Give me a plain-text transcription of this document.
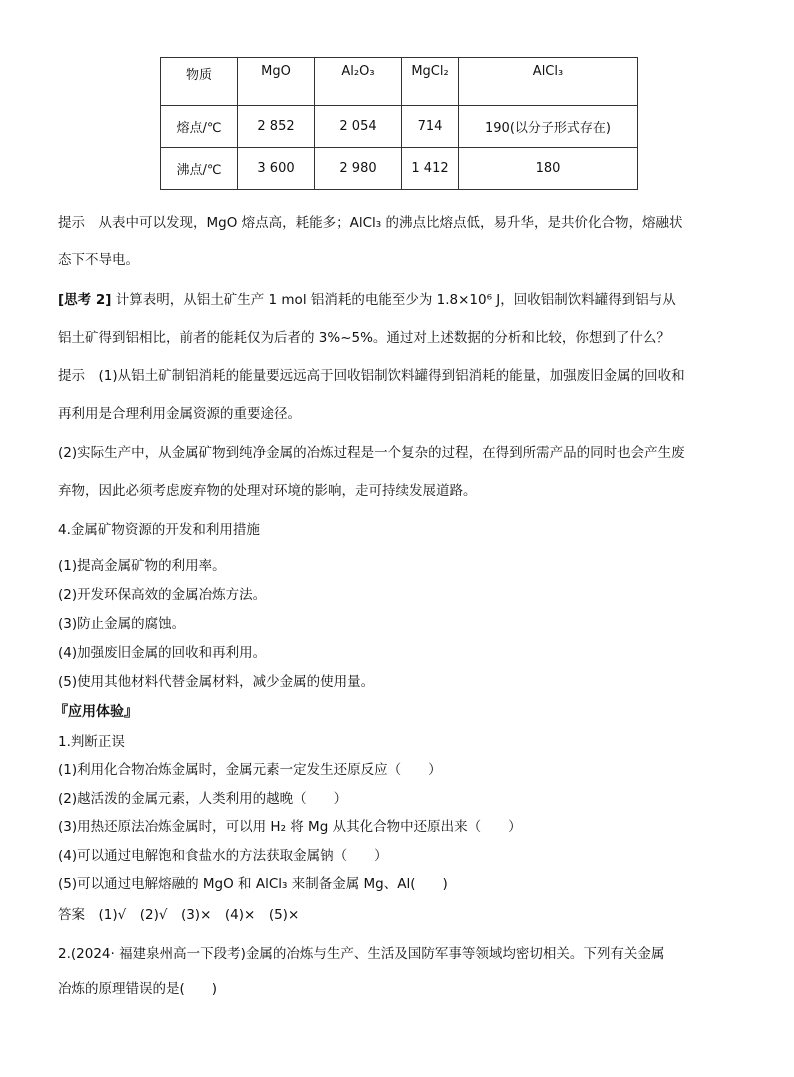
物质	MgO	Al₂O₃	MgCl₂	AlCl₃
熔点/℃	2 852	2 054	714	190(以分子形式存在)
沸点/℃	3 600	2 980	1 412	180
提示　从表中可以发现，MgO 熔点高，耗能多；AlCl₃ 的沸点比熔点低，易升华，是共价化合物，熔融状
态下不导电。
[思考 2] 计算表明，从铝土矿生产 1 mol 铝消耗的电能至少为 1.8×10⁶ J，回收铝制饮料罐得到铝与从
铝土矿得到铝相比，前者的能耗仅为后者的 3%~5%。通过对上述数据的分析和比较，你想到了什么？
提示　(1)从铝土矿制铝消耗的能量要远远高于回收铝制饮料罐得到铝消耗的能量，加强废旧金属的回收和
再利用是合理利用金属资源的重要途径。
(2)实际生产中，从金属矿物到纯净金属的冶炼过程是一个复杂的过程，在得到所需产品的同时也会产生废
弃物，因此必须考虑废弃物的处理对环境的影响，走可持续发展道路。
4.金属矿物资源的开发和利用措施
(1)提高金属矿物的利用率。
(2)开发环保高效的金属冶炼方法。
(3)防止金属的腐蚀。
(4)加强废旧金属的回收和再利用。
(5)使用其他材料代替金属材料，减少金属的使用量。
『应用体验』
1.判断正误
(1)利用化合物冶炼金属时，金属元素一定发生还原反应（　　）
(2)越活泼的金属元素，人类利用的越晚（　　）
(3)用热还原法冶炼金属时，可以用 H₂ 将 Mg 从其化合物中还原出来（　　）
(4)可以通过电解饱和食盐水的方法获取金属钠（　　）
(5)可以通过电解熔融的 MgO 和 AlCl₃ 来制备金属 Mg、Al(　　)
答案　(1)√　(2)√　(3)×　(4)×　(5)×
2.(2024· 福建泉州高一下段考)金属的冶炼与生产、生活及国防军事等领域均密切相关。下列有关金属
冶炼的原理错误的是(　　)
